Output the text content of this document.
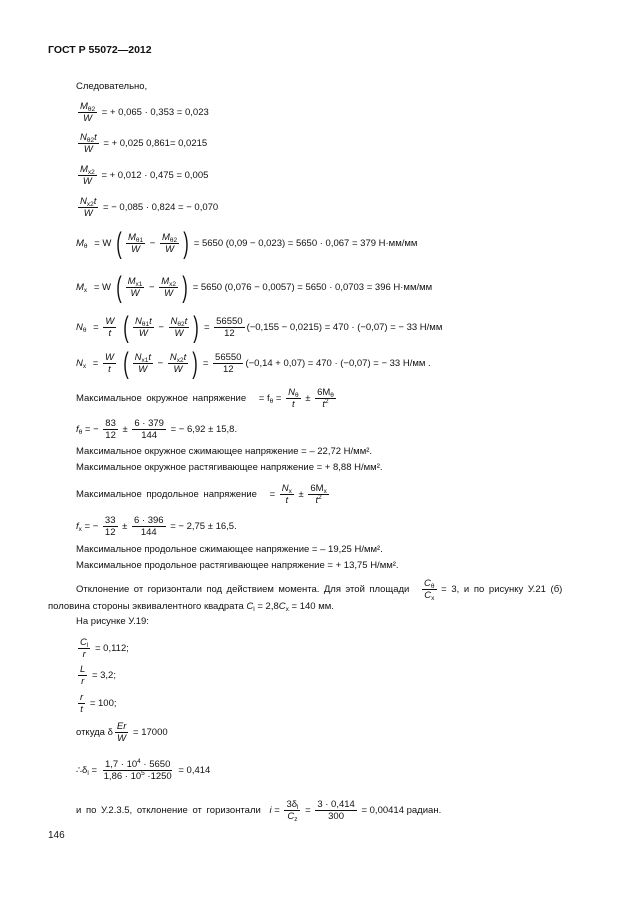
ГОСТ Р 55072—2012
Следовательно,
$\frac{M_{\theta 2}}{W}$ = + 0,065 · 0,353 = 0,023
$\frac{N_{\theta 2}t}{W}$ = + 0,025 0,861= 0,0215
$\frac{M_{x2}}{W}$ = + 0,012 · 0,475 = 0,005
$\frac{N_{x2}t}{W}$ = − 0,085 · 0,824 = − 0,070
$M_\theta = W$ ( $\frac{M_{\theta 1}}{W} - \frac{M_{\theta 2}}{W}$ ) = 5650 (0,09 − 0,023) = 5650 · 0,067 = 379 Н·мм/мм
$M_x = W$ ( $\frac{M_{x1}}{W} - \frac{M_{x2}}{W}$ ) = 5650 (0,076 − 0,0057) = 5650 · 0,0703 = 396 Н·мм/мм
$N_\theta = \frac{W}{t}$ ( $\frac{N_{\theta 1}t}{W} - \frac{N_{\theta 2}t}{W}$ ) = $\frac{56550}{12} (-0,155 - 0,0215) = 470 \cdot (-0,07)$ = − 33 Н/мм
$N_x = \frac{W}{t}$ ( $\frac{N_{x1}t}{W} - \frac{N_{x2}t}{W}$ ) = $\frac{56550}{12} (-0,14 + 0,07) = 470 \cdot (-0,07)$ = − 33 Н/мм .
Максимальное окружное напряжение = $f_\theta = \frac{N_\theta}{t} \pm \frac{6M_\theta}{t^2}$
$f_\theta$ = − $\frac{83}{12} \pm \frac{6 \cdot 379}{144}$ = − 6,92 ± 15,8.
Максимальное окружное сжимающее напряжение = – 22,72 Н/мм².
Максимальное окружное растягивающее напряжение = + 8,88 Н/мм².
Максимальное продольное напряжение = $\frac{N_x}{t} \pm \frac{6M_x}{t^2}$
$f_x$ = − $\frac{33}{12} \pm \frac{6 \cdot 396}{144}$ = − 2,75 ± 16,5.
Максимальное продольное сжимающее напряжение = – 19,25 Н/мм².
Максимальное продольное растягивающее напряжение = + 13,75 Н/мм².
Отклонение от горизонтали под действием момента. Для этой площади $\frac{C_\theta}{C_x} = 3$, и по рисунку У.21 (б)
половина стороны эквивалентного квадрата $C_l = 2,8C_x = 140$ мм.
На рисунке У.19:
$\frac{C_l}{r} = 0,112$;
$\frac{L}{r} = 3,2$;
$\frac{r}{t} = 100$;
откуда δ $\frac{Er}{W} = 17000$
$\therefore\delta_l = \frac{1,7 \cdot 10^4 \cdot 5650}{1,86 \cdot 10^5 \cdot 1250} = 0,414$
и по У.2.3.5, отклонение от горизонтали $i = \frac{3\delta_l}{C_z} = \frac{3 \cdot 0,414}{300} = 0,00414$ радиан.
146
